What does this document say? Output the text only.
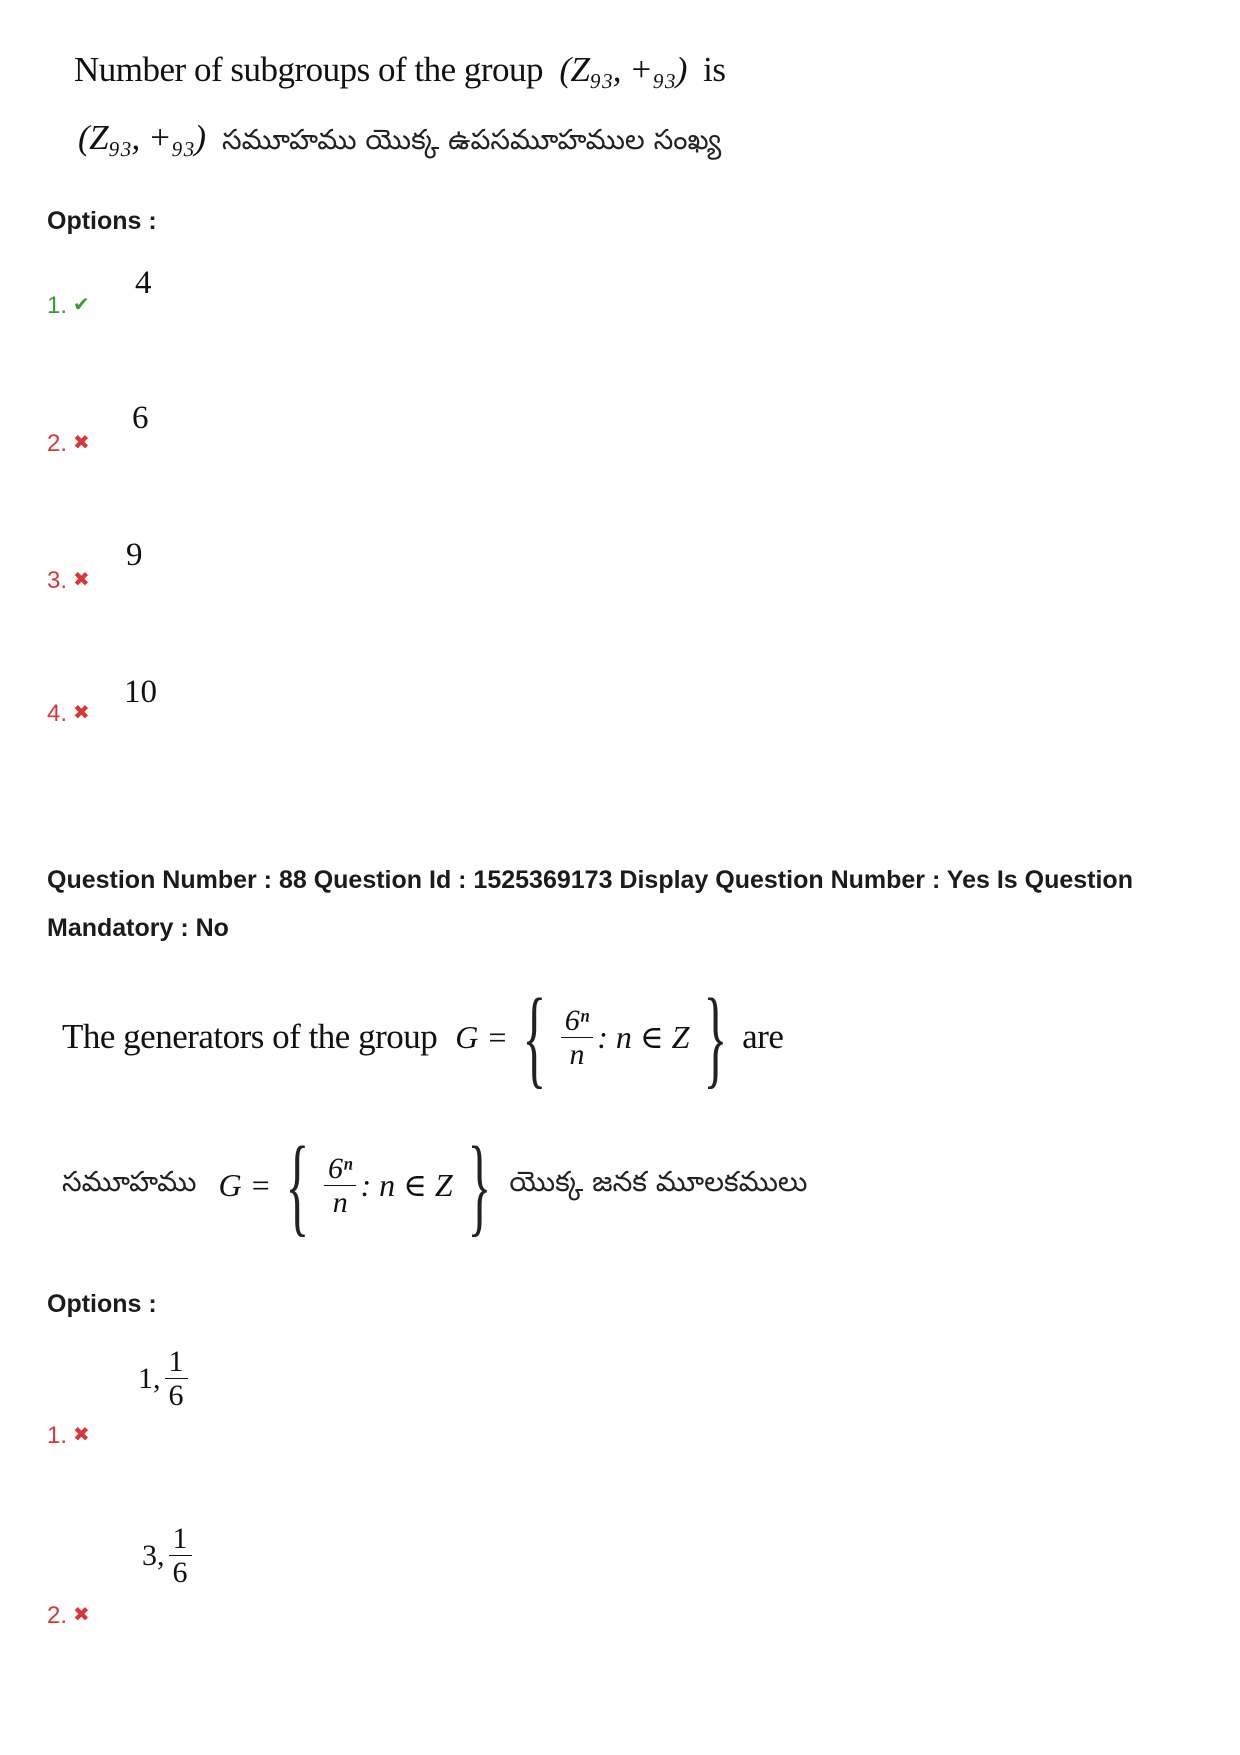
Number of subgroups of the group (Z₉₃, +₉₃) is
(Z₉₃, +₉₃) సమూహము యొక్క ఉపసమూహముల సంఖ్య
Options :
1. ✔
4
2. ✖
6
3. ✖
9
4. ✖
10
Question Number : 88 Question Id : 1525369173 Display Question Number : Yes Is Question
Mandatory : No
The generators of the group G = { $\frac{\text{6ⁿ}}{n}$ : n ∈ Z } are
సమూహము G = { $\frac{\text{6ⁿ}}{n}$ : n ∈ Z } యొక్క జనక మూలకములు
Options :
1. ✖
1, $\frac{1}{6}$
2. ✖
3, $\frac{1}{6}$
